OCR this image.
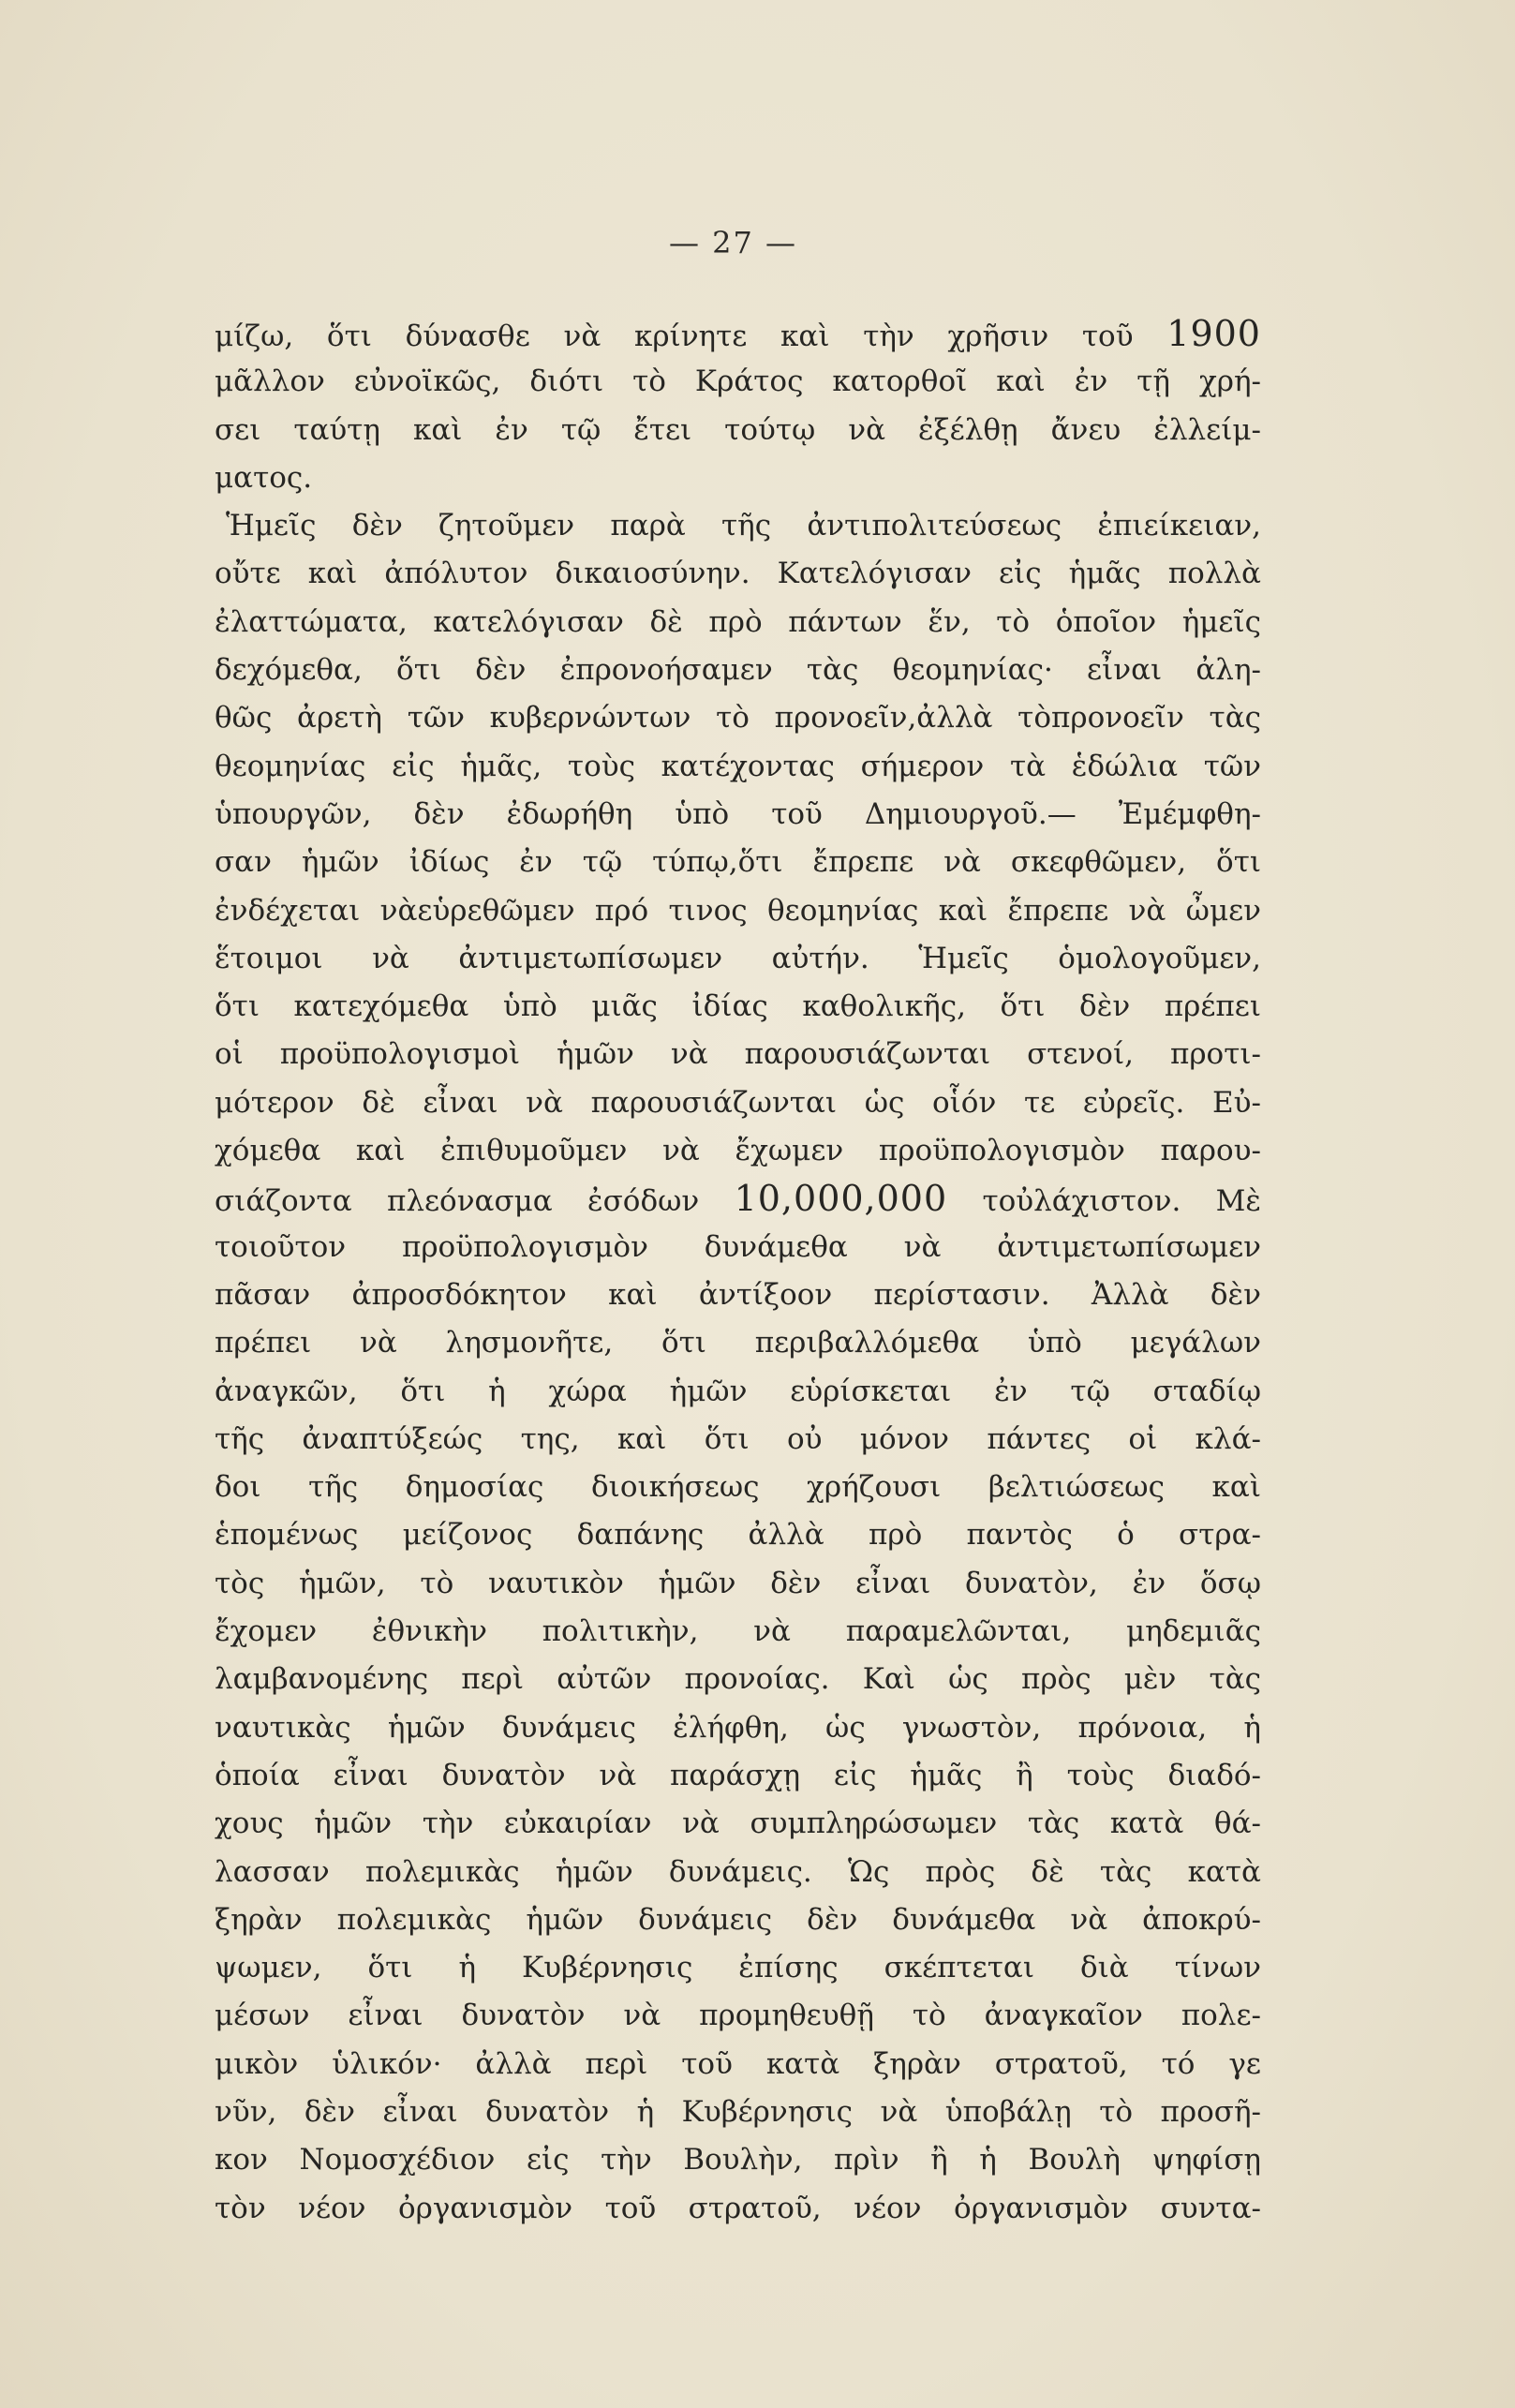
— 27 —
μίζω, ὅτι δύνασθε νὰ κρίνητε καὶ τὴν χρῆσιν τοῦ 1900
μᾶλλον εὐνοϊκῶς, διότι τὸ Κράτος κατορθοῖ καὶ ἐν τῇ χρή-
σει ταύτῃ καὶ ἐν τῷ ἔτει τούτῳ νὰ ἐξέλθῃ ἄνευ ἐλλείμ-
ματος.
Ἡμεῖς δὲν ζητοῦμεν παρὰ τῆς ἀντιπολιτεύσεως ἐπιείκειαν,
οὔτε καὶ ἀπόλυτον δικαιοσύνην. Κατελόγισαν εἰς ἡμᾶς πολλὰ
ἐλαττώματα, κατελόγισαν δὲ πρὸ πάντων ἕν, τὸ ὁποῖον ἡμεῖς
δεχόμεθα, ὅτι δὲν ἐπρονοήσαμεν τὰς θεομηνίας· εἶναι ἀλη-
θῶς ἀρετὴ τῶν κυβερνώντων τὸ προνοεῖν,ἀλλὰ τὸπρονοεῖν τὰς
θεομηνίας εἰς ἡμᾶς, τοὺς κατέχοντας σήμερον τὰ ἑδώλια τῶν
ὑπουργῶν, δὲν ἐδωρήθη ὑπὸ τοῦ Δημιουργοῦ.— Ἐμέμφθη-
σαν ἡμῶν ἰδίως ἐν τῷ τύπῳ,ὅτι ἔπρεπε νὰ σκεφθῶμεν, ὅτι
ἐνδέχεται νὰεὑρεθῶμεν πρό τινος θεομηνίας καὶ ἔπρεπε νὰ ὦμεν
ἕτοιμοι νὰ ἀντιμετωπίσωμεν αὐτήν. Ἡμεῖς ὁμολογοῦμεν,
ὅτι κατεχόμεθα ὑπὸ μιᾶς ἰδίας καθολικῆς, ὅτι δὲν πρέπει
οἱ προϋπολογισμοὶ ἡμῶν νὰ παρουσιάζωνται στενοί, προτι-
μότερον δὲ εἶναι νὰ παρουσιάζωνται ὡς οἷόν τε εὐρεῖς. Εὐ-
χόμεθα καὶ ἐπιθυμοῦμεν νὰ ἔχωμεν προϋπολογισμὸν παρου-
σιάζοντα πλεόνασμα ἐσόδων 10,000,000 τοὐλάχιστον. Μὲ
τοιοῦτον προϋπολογισμὸν δυνάμεθα νὰ ἀντιμετωπίσωμεν
πᾶσαν ἀπροσδόκητον καὶ ἀντίξοον περίστασιν. Ἀλλὰ δὲν
πρέπει νὰ λησμονῆτε, ὅτι περιβαλλόμεθα ὑπὸ μεγάλων
ἀναγκῶν, ὅτι ἡ χώρα ἡμῶν εὑρίσκεται ἐν τῷ σταδίῳ
τῆς ἀναπτύξεώς της, καὶ ὅτι οὐ μόνον πάντες οἱ κλά-
δοι τῆς δημοσίας διοικήσεως χρήζουσι βελτιώσεως καὶ
ἑπομένως μείζονος δαπάνης ἀλλὰ πρὸ παντὸς ὁ στρα-
τὸς ἡμῶν, τὸ ναυτικὸν ἡμῶν δὲν εἶναι δυνατὸν, ἐν ὅσῳ
ἔχομεν ἐθνικὴν πολιτικὴν, νὰ παραμελῶνται, μηδεμιᾶς
λαμβανομένης περὶ αὐτῶν προνοίας. Καὶ ὡς πρὸς μὲν τὰς
ναυτικὰς ἡμῶν δυνάμεις ἐλήφθη, ὡς γνωστὸν, πρόνοια, ἡ
ὁποία εἶναι δυνατὸν νὰ παράσχῃ εἰς ἡμᾶς ἢ τοὺς διαδό-
χους ἡμῶν τὴν εὐκαιρίαν νὰ συμπληρώσωμεν τὰς κατὰ θά-
λασσαν πολεμικὰς ἡμῶν δυνάμεις. Ὡς πρὸς δὲ τὰς κατὰ
ξηρὰν πολεμικὰς ἡμῶν δυνάμεις δὲν δυνάμεθα νὰ ἀποκρύ-
ψωμεν, ὅτι ἡ Κυβέρνησις ἐπίσης σκέπτεται διὰ τίνων
μέσων εἶναι δυνατὸν νὰ προμηθευθῇ τὸ ἀναγκαῖον πολε-
μικὸν ὑλικόν· ἀλλὰ περὶ τοῦ κατὰ ξηρὰν στρατοῦ, τό γε
νῦν, δὲν εἶναι δυνατὸν ἡ Κυβέρνησις νὰ ὑποβάλῃ τὸ προσῆ-
κον Νομοσχέδιον εἰς τὴν Βουλὴν, πρὶν ἢ ἡ Βουλὴ ψηφίσῃ
τὸν νέον ὀργανισμὸν τοῦ στρατοῦ, νέον ὀργανισμὸν συντα-
